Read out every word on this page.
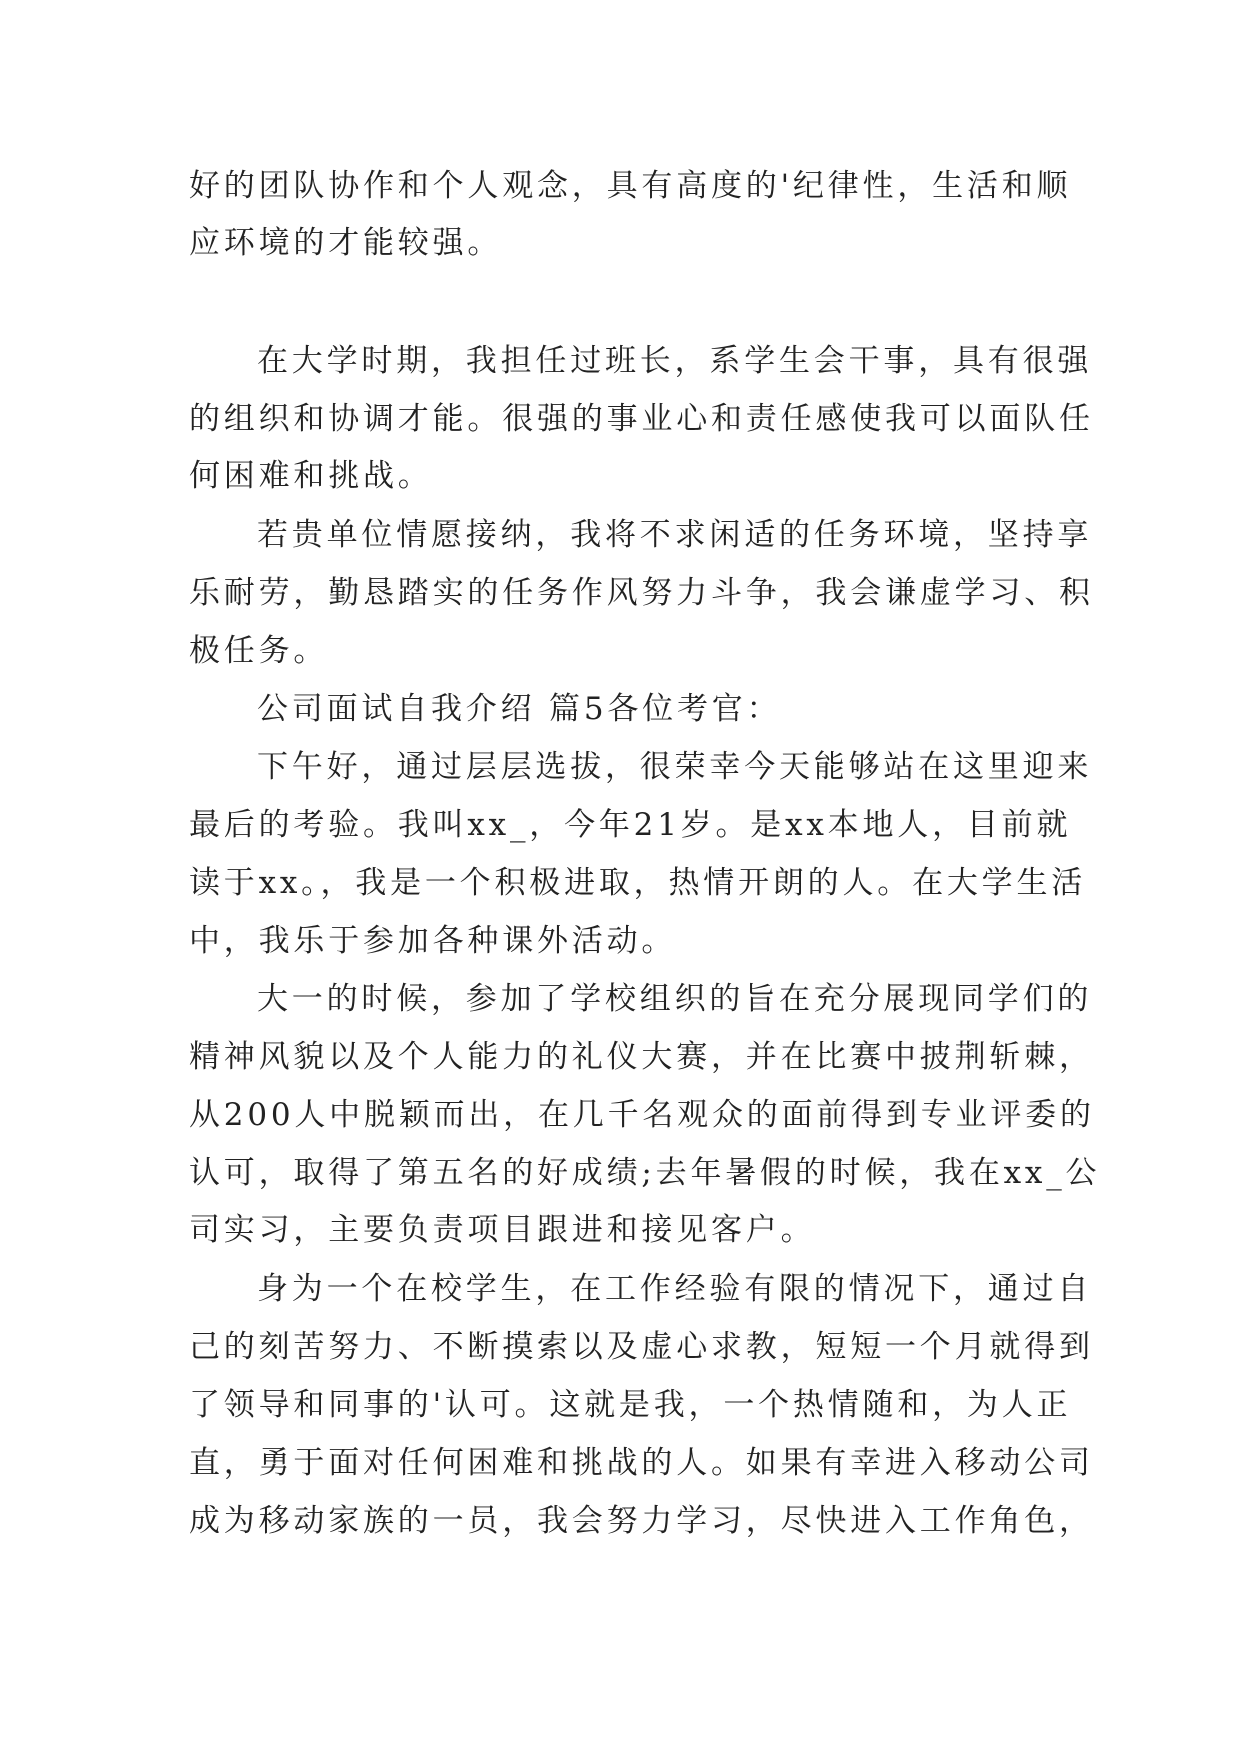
好的团队协作和个人观念，具有高度的'纪律性，生活和顺

应环境的才能较强。

在大学时期，我担任过班长，系学生会干事，具有很强

的组织和协调才能。很强的事业心和责任感使我可以面队任

何困难和挑战。

若贵单位情愿接纳，我将不求闲适的任务环境，坚持享

乐耐劳，勤恳踏实的任务作风努力斗争，我会谦虚学习、积

极任务。

公司面试自我介绍 篇5各位考官：

下午好，通过层层选拔，很荣幸今天能够站在这里迎来

最后的考验。我叫xx_，今年21岁。是xx本地人，目前就

读于xx。，我是一个积极进取，热情开朗的人。在大学生活

中，我乐于参加各种课外活动。

大一的时候，参加了学校组织的旨在充分展现同学们的

精神风貌以及个人能力的礼仪大赛，并在比赛中披荆斩棘，

从200人中脱颖而出，在几千名观众的面前得到专业评委的

认可，取得了第五名的好成绩;去年暑假的时候，我在xx_公

司实习，主要负责项目跟进和接见客户。

身为一个在校学生，在工作经验有限的情况下，通过自

己的刻苦努力、不断摸索以及虚心求教，短短一个月就得到

了领导和同事的'认可。这就是我，一个热情随和，为人正

直，勇于面对任何困难和挑战的人。如果有幸进入移动公司

成为移动家族的一员，我会努力学习，尽快进入工作角色，
